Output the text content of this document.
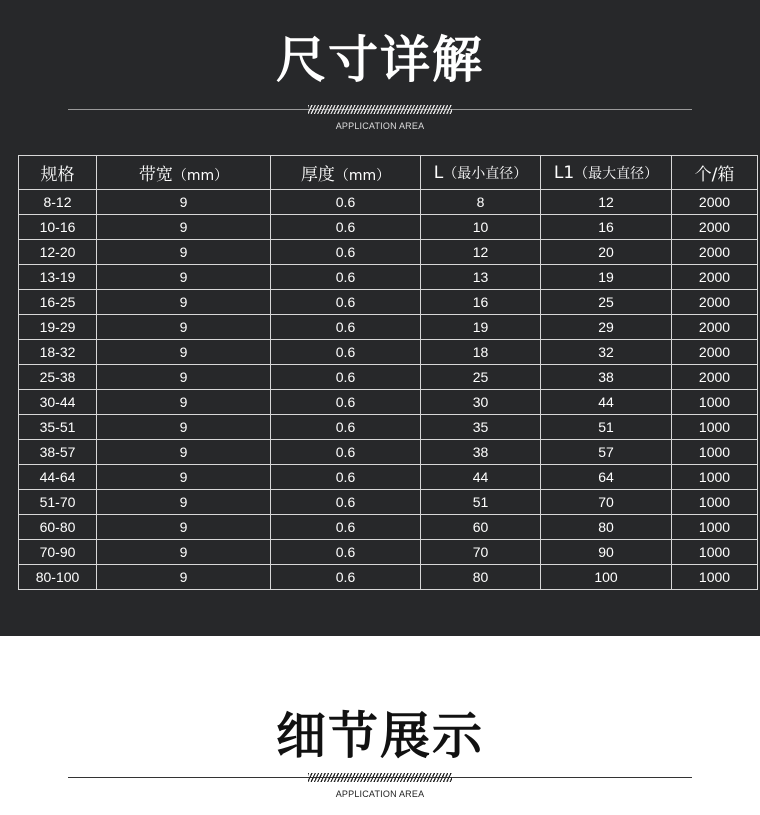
尺寸详解
APPLICATION AREA
规格	带宽（mm）	厚度（mm）	L（最小直径）	L1（最大直径）	个/箱
8-12	9	0.6	8	12	2000
10-16	9	0.6	10	16	2000
12-20	9	0.6	12	20	2000
13-19	9	0.6	13	19	2000
16-25	9	0.6	16	25	2000
19-29	9	0.6	19	29	2000
18-32	9	0.6	18	32	2000
25-38	9	0.6	25	38	2000
30-44	9	0.6	30	44	1000
35-51	9	0.6	35	51	1000
38-57	9	0.6	38	57	1000
44-64	9	0.6	44	64	1000
51-70	9	0.6	51	70	1000
60-80	9	0.6	60	80	1000
70-90	9	0.6	70	90	1000
80-100	9	0.6	80	100	1000
细节展示
APPLICATION AREA
